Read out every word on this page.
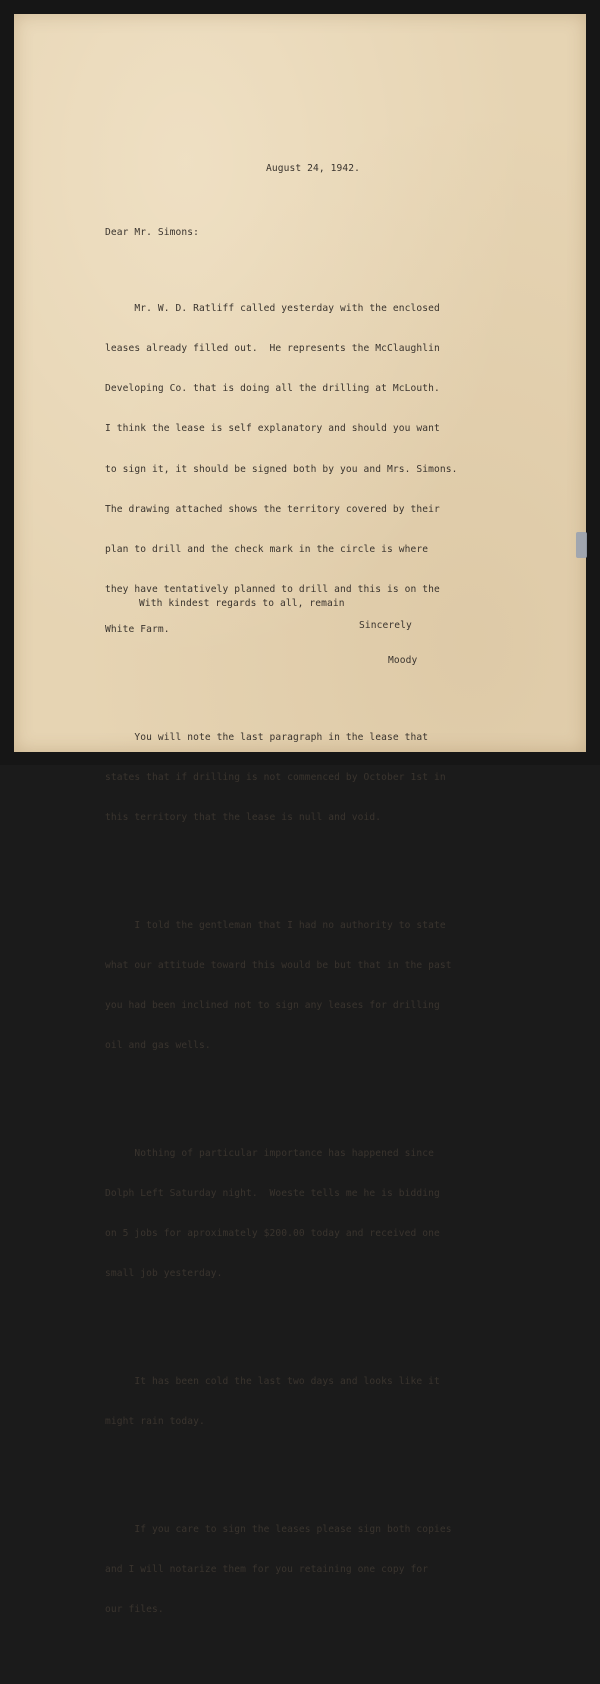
August 24, 1942.
Dear Mr. Simons:

Mr. W. D. Ratliff called yesterday with the enclosed

leases already filled out.  He represents the McClaughlin

Developing Co. that is doing all the drilling at McLouth.

I think the lease is self explanatory and should you want

to sign it, it should be signed both by you and Mrs. Simons.

The drawing attached shows the territory covered by their

plan to drill and the check mark in the circle is where

they have tentatively planned to drill and this is on the

White Farm.

You will note the last paragraph in the lease that

states that if drilling is not commenced by October 1st in

this territory that the lease is null and void.

I told the gentleman that I had no authority to state

what our attitude toward this would be but that in the past

you had been inclined not to sign any leases for drilling

oil and gas wells.

Nothing of particular importance has happened since

Dolph Left Saturday night.  Woeste tells me he is bidding

on 5 jobs for aproximately $200.00 today and received one

small job yesterday.

It has been cold the last two days and looks like it

might rain today.

If you care to sign the leases please sign both copies

and I will notarize them for you retaining one copy for

our files.

With kindest regards to all, remain
Sincerely
Moody
